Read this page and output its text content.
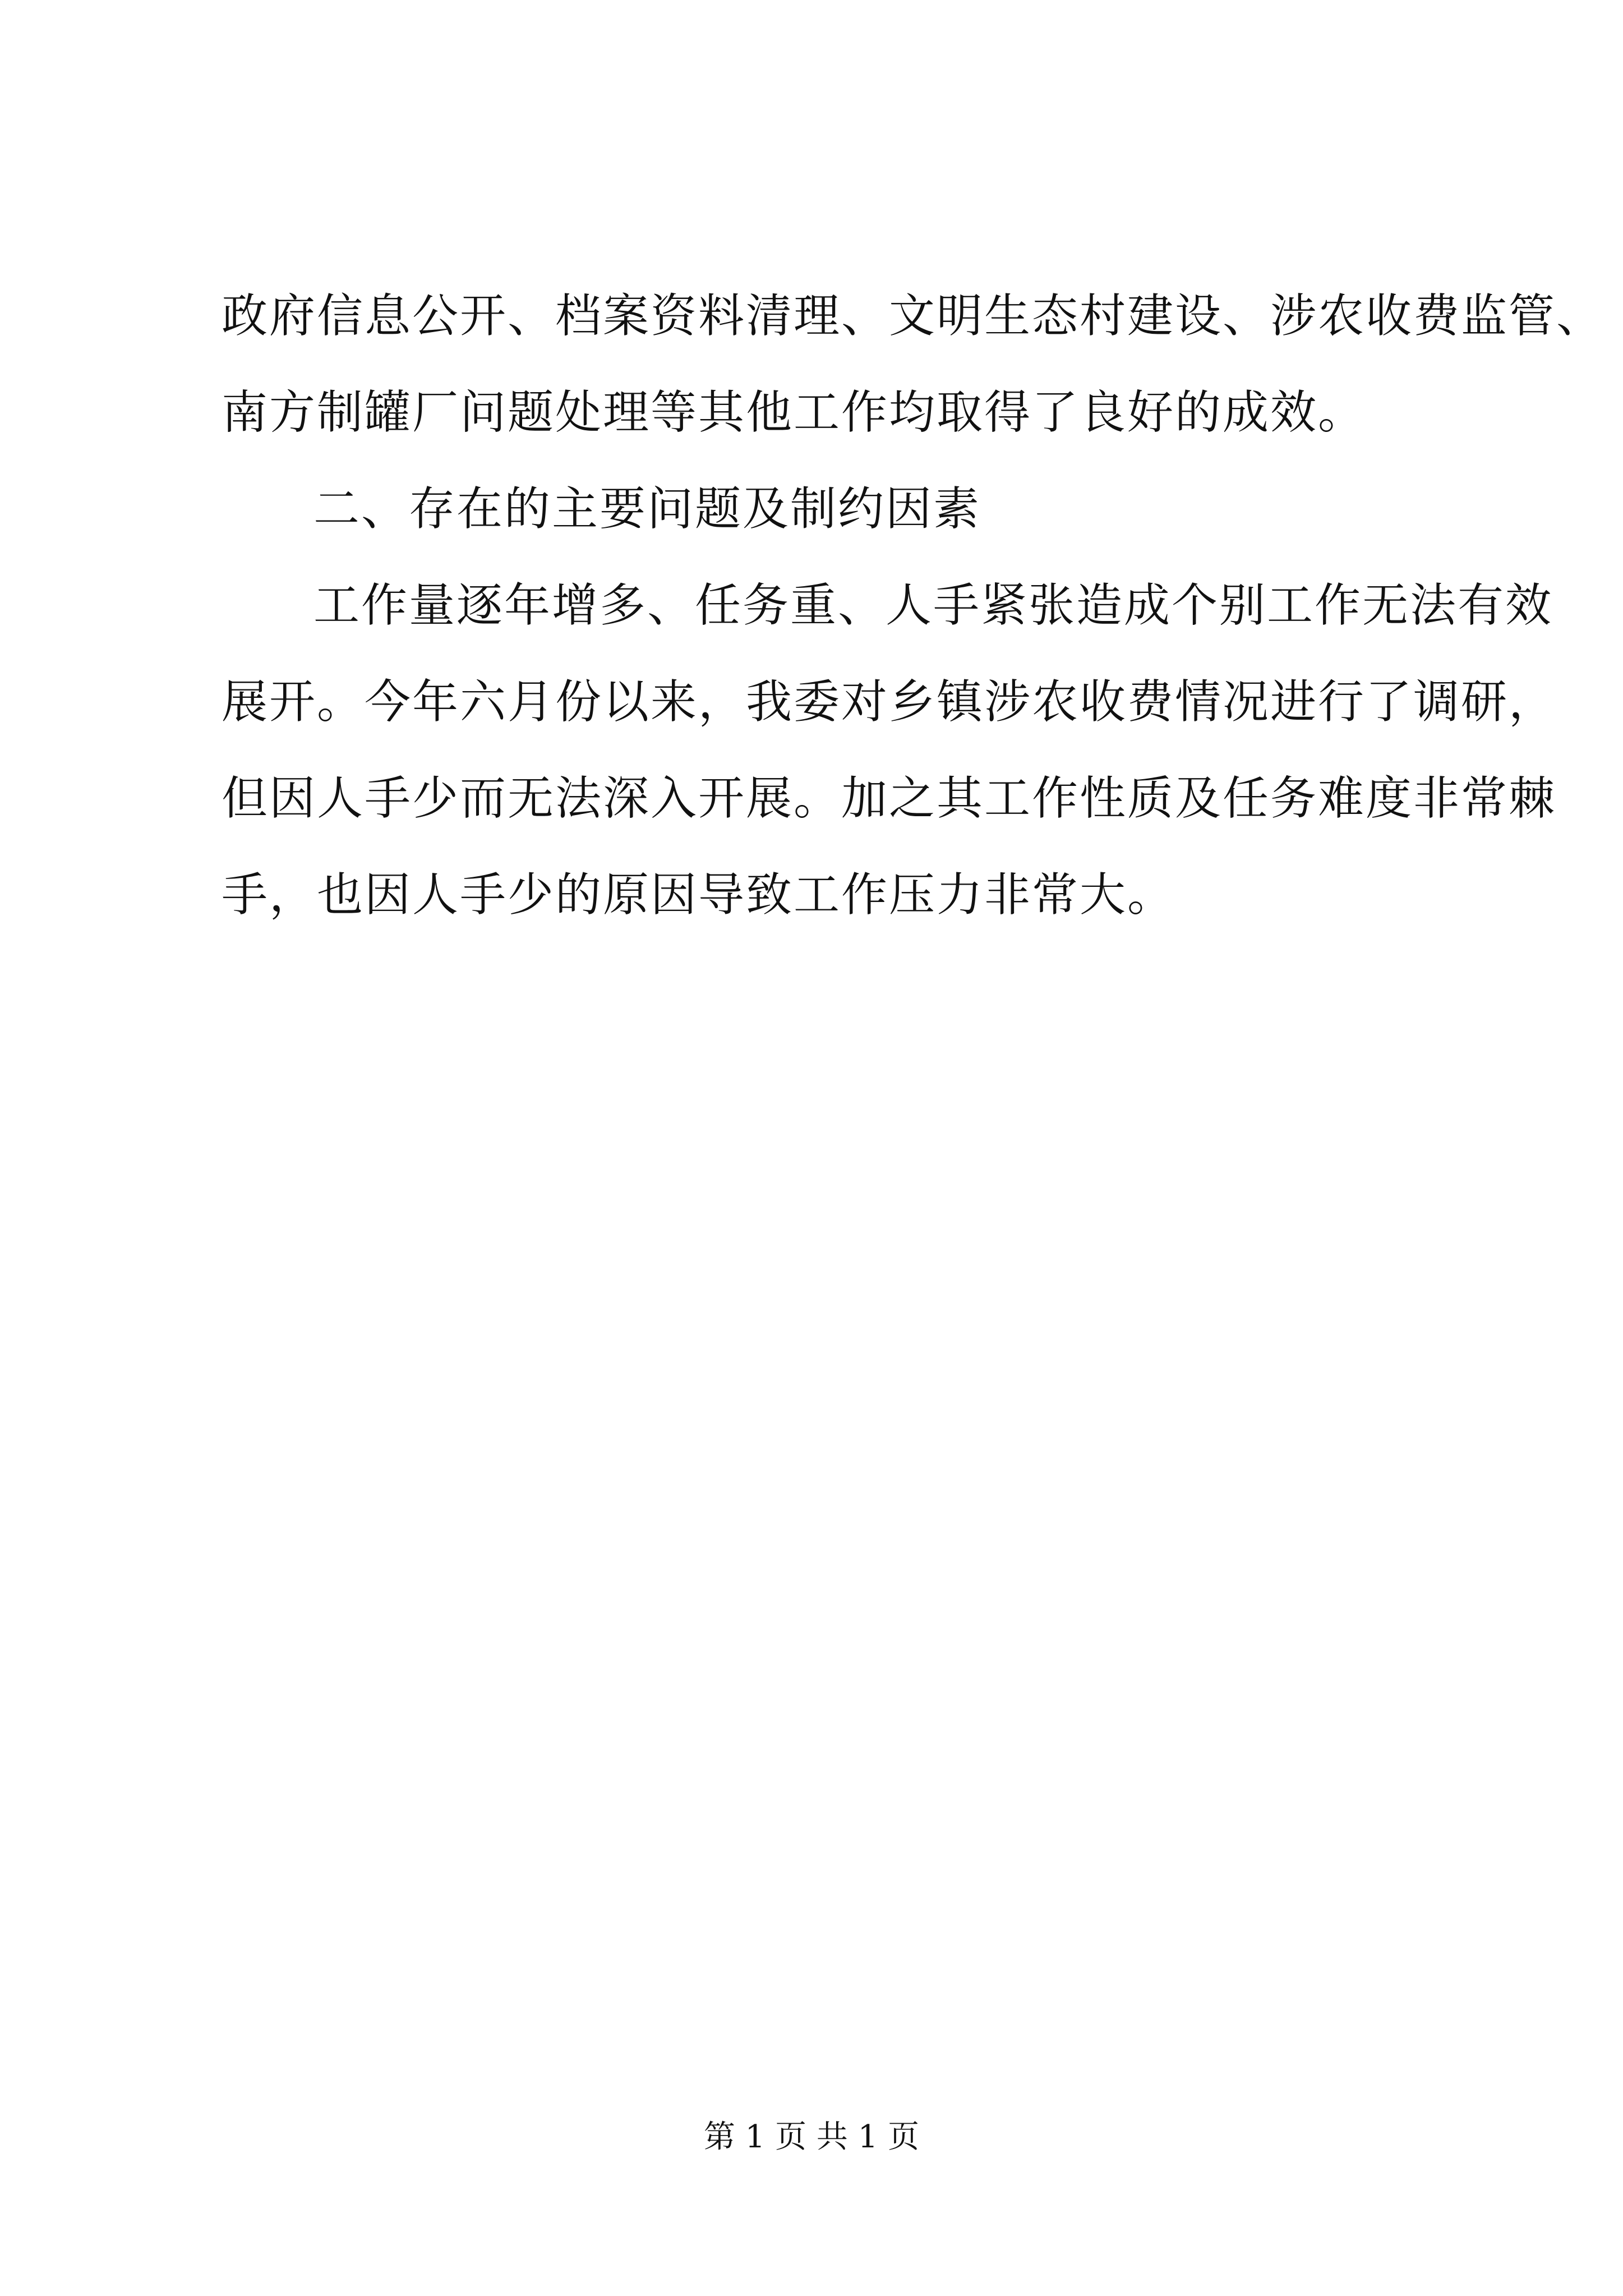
政府信息公开、档案资料清理、文明生态村建设、涉农收费监管、
南方制罐厂问题处理等其他工作均取得了良好的成效。
二、存在的主要问题及制约因素
工作量逐年增多、任务重、人手紧张造成个别工作无法有效
展开。今年六月份以来，我委对乡镇涉农收费情况进行了调研，
但因人手少而无法深入开展。加之其工作性质及任务难度非常棘
手，也因人手少的原因导致工作压力非常大。
第 1 页 共 1 页
